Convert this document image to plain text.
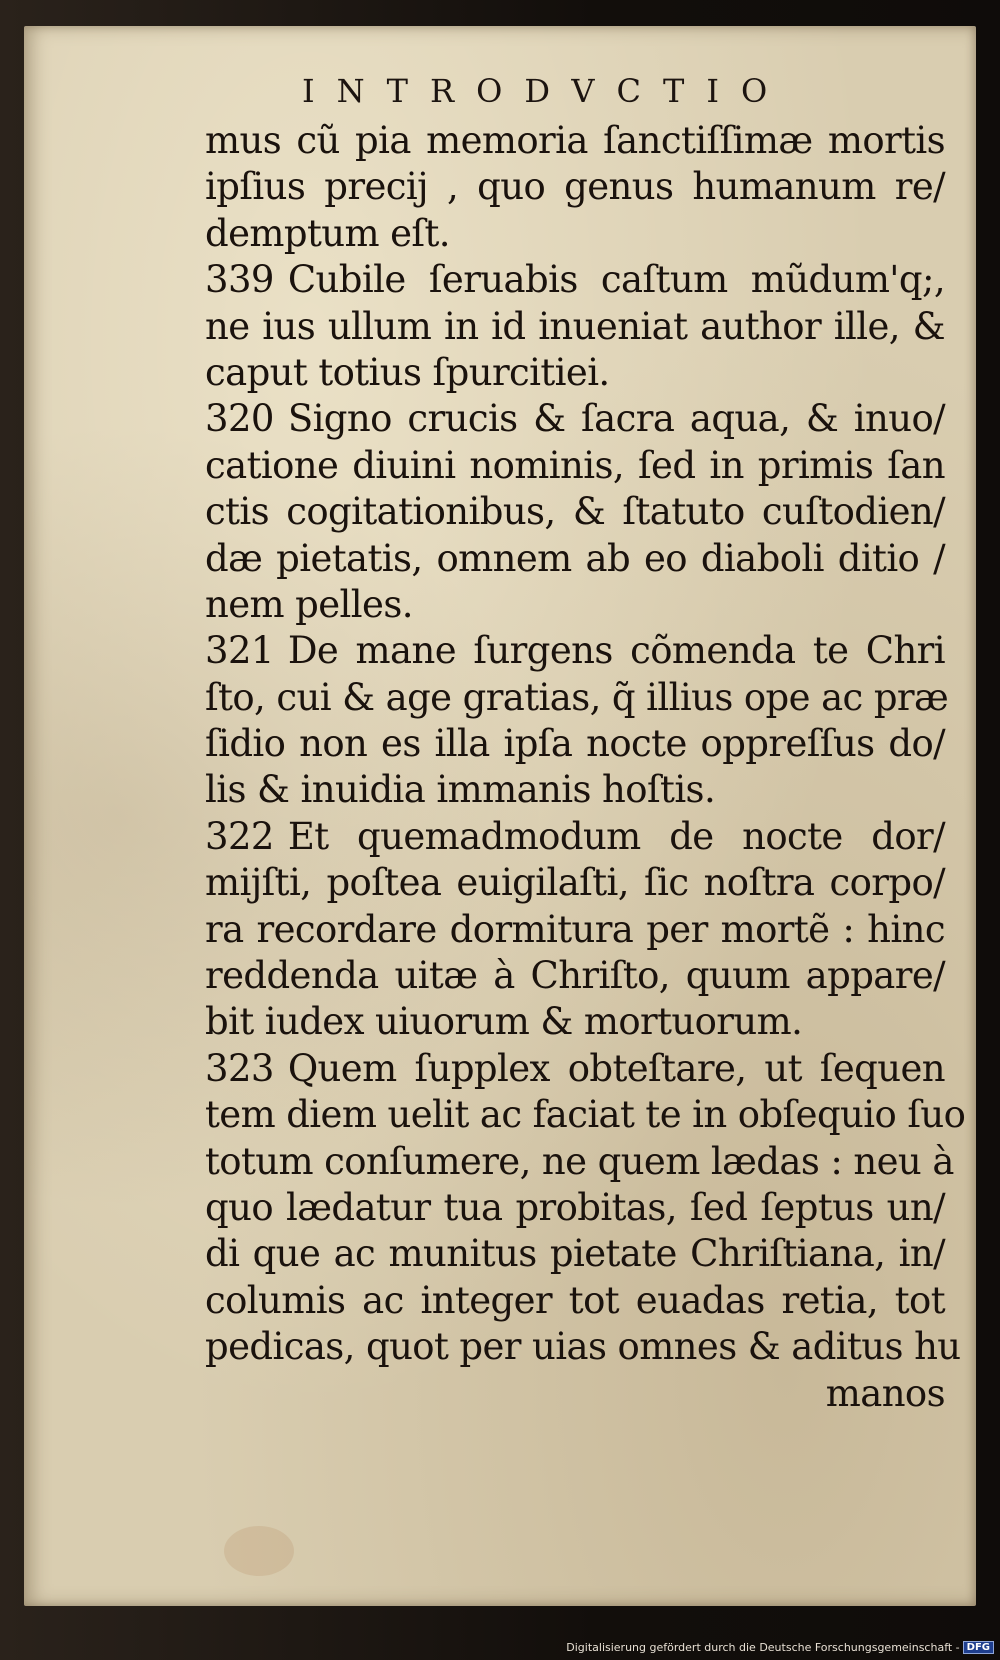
INTRODVCTIO
mus cũ pia memoria ſanctiſſimæ mortis
ipſius precij , quo genus humanum re/
demptum eſt.
339 Cubile ſeruabis caſtum mũdum'q;,
ne ius ullum in id inueniat author ille, &
caput totius ſpurcitiei.
320 Signo crucis & ſacra aqua, & inuo/
catione diuini nominis, ſed in primis ſan
ctis cogitationibus, & ſtatuto cuſtodien/
dæ pietatis, omnem ab eo diaboli ditio /
nem pelles.
321 De mane ſurgens cõmenda te Chri
ſto, cui & age gratias, q̃ illius ope ac præ
ſidio non es illa ipſa nocte oppreſſus do/
lis & inuidia immanis hoſtis.
322 Et quemadmodum de nocte dor/
mijſti, poſtea euigilaſti, ſic noſtra corpo/
ra recordare dormitura per mortẽ : hinc
reddenda uitæ à Chriſto, quum appare/
bit iudex uiuorum & mortuorum.
323 Quem ſupplex obteſtare, ut ſequen
tem diem uelit ac faciat te in obſequio ſuo
totum conſumere, ne quem lædas : neu à
quo lædatur tua probitas, ſed ſeptus un/
di que ac munitus pietate Chriſtiana, in/
columis ac integer tot euadas retia, tot
pedicas, quot per uias omnes & aditus hu
manos
Digitalisierung gefördert durch die Deutsche Forschungsgemeinschaft - DFG
